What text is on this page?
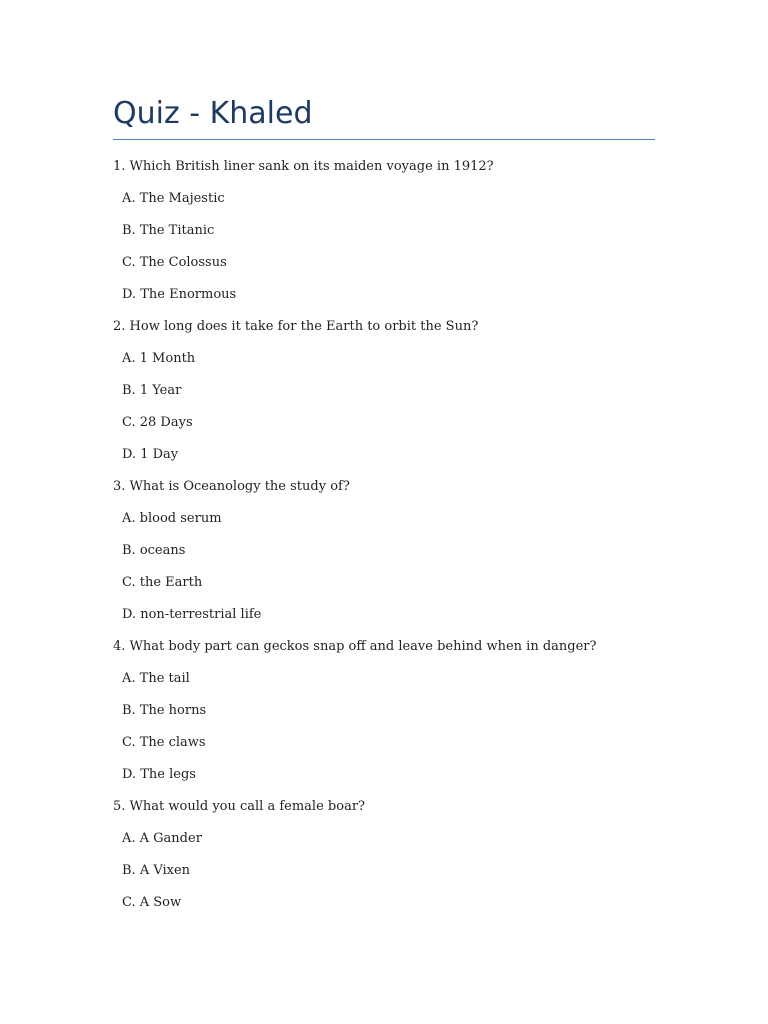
Quiz - Khaled
1. Which British liner sank on its maiden voyage in 1912?
A. The Majestic
B. The Titanic
C. The Colossus
D. The Enormous
2. How long does it take for the Earth to orbit the Sun?
A. 1 Month
B. 1 Year
C. 28 Days
D. 1 Day
3. What is Oceanology the study of?
A. blood serum
B. oceans
C. the Earth
D. non-terrestrial life
4. What body part can geckos snap off and leave behind when in danger?
A. The tail
B. The horns
C. The claws
D. The legs
5. What would you call a female boar?
A. A Gander
B. A Vixen
C. A Sow
